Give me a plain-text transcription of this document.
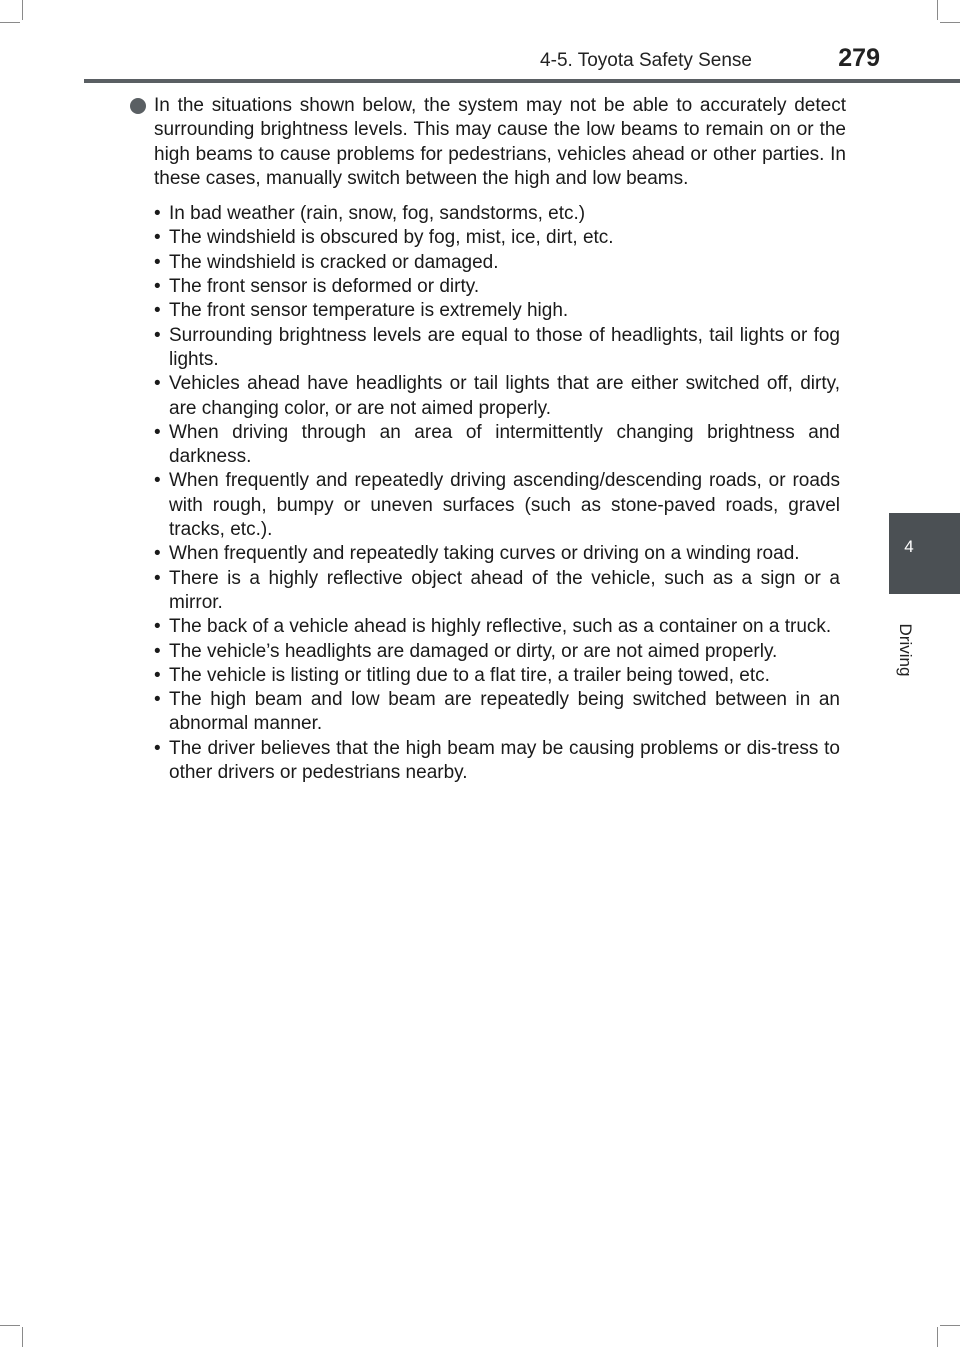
4-5. Toyota Safety Sense	279
4
Driving
In the situations shown below, the system may not be able to accurately detect surrounding brightness levels. This may cause the low beams to remain on or the high beams to cause problems for pedestrians, vehicles ahead or other parties. In these cases, manually switch between the high and low beams.
• In bad weather (rain, snow, fog, sandstorms, etc.)
• The windshield is obscured by fog, mist, ice, dirt, etc.
• The windshield is cracked or damaged.
• The front sensor is deformed or dirty.
• The front sensor temperature is extremely high.
• Surrounding brightness levels are equal to those of headlights, tail lights or fog lights.
• Vehicles ahead have headlights or tail lights that are either switched off, dirty, are changing color, or are not aimed properly.
• When driving through an area of intermittently changing brightness and darkness.
• When frequently and repeatedly driving ascending/descending roads, or roads with rough, bumpy or uneven surfaces (such as stone-paved roads, gravel tracks, etc.).
• When frequently and repeatedly taking curves or driving on a winding road.
• There is a highly reflective object ahead of the vehicle, such as a sign or a mirror.
• The back of a vehicle ahead is highly reflective, such as a container on a truck.
• The vehicle’s headlights are damaged or dirty, or are not aimed properly.
• The vehicle is listing or titling due to a flat tire, a trailer being towed, etc.
• The high beam and low beam are repeatedly being switched between in an abnormal manner.
• The driver believes that the high beam may be causing problems or dis-tress to other drivers or pedestrians nearby.
